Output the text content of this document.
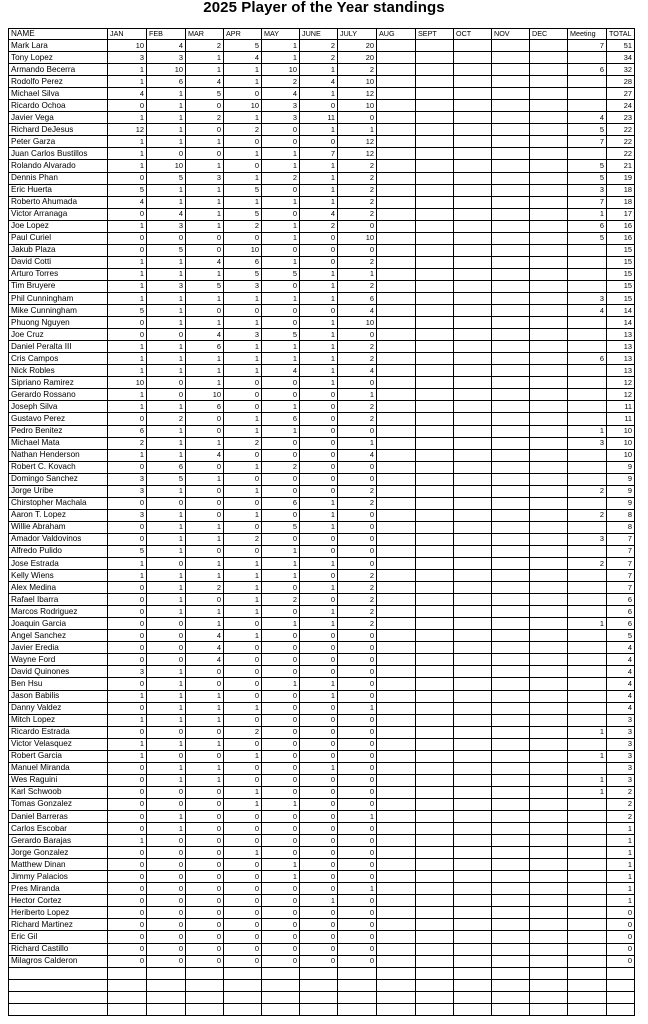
2025 Player of the Year standings
NAME	JAN	FEB	MAR	APR	MAY	JUNE	JULY	AUG	SEPT	OCT	NOV	DEC	Meeting	TOTAL
Mark Lara	10	4	2	5	1	2	20						7	51
Tony Lopez	3	3	1	4	1	2	20							34
Armando Becerra	1	10	1	1	10	1	2						6	32
Rodolfo Perez	1	6	4	1	2	4	10							28
Michael Silva	4	1	5	0	4	1	12							27
Ricardo Ochoa	0	1	0	10	3	0	10							24
Javier Vega	1	1	2	1	3	11	0						4	23
Richard DeJesus	12	1	0	2	0	1	1						5	22
Peter Garza	1	1	1	0	0	0	12						7	22
Juan Carlos Bustillos	1	0	0	1	1	7	12							22
Rolando Alvarado	1	10	1	0	1	1	2						5	21
Dennis Phan	0	5	3	1	2	1	2						5	19
Eric Huerta	5	1	1	5	0	1	2						3	18
Roberto Ahumada	4	1	1	1	1	1	2						7	18
Victor Arranaga	0	4	1	5	0	4	2						1	17
Joe Lopez	1	3	1	2	1	2	0						6	16
Paul Curiel	0	0	0	0	1	0	10						5	16
Jakub Plaza	0	5	0	10	0	0	0							15
David Cotti	1	1	4	6	1	0	2							15
Arturo Torres	1	1	1	5	5	1	1							15
Tim Bruyere	1	3	5	3	0	1	2							15
Phil Cunningham	1	1	1	1	1	1	6						3	15
Mike Cunningham	5	1	0	0	0	0	4						4	14
Phuong Nguyen	0	1	1	1	0	1	10							14
Joe Cruz	0	0	4	3	5	1	0							13
Daniel Peralta III	1	1	6	1	1	1	2							13
Cris Campos	1	1	1	1	1	1	2						6	13
Nick Robles	1	1	1	1	4	1	4							13
Sipriano Ramirez	10	0	1	0	0	1	0							12
Gerardo Rossano	1	0	10	0	0	0	1							12
Joseph Silva	1	1	6	0	1	0	2							11
Gustavo Perez	0	2	0	1	6	0	2							11
Pedro Benitez	6	1	0	1	1	0	0						1	10
Michael Mata	2	1	1	2	0	0	1						3	10
Nathan Henderson	1	1	4	0	0	0	4							10
Robert C. Kovach	0	6	0	1	2	0	0							9
Domingo Sanchez	3	5	1	0	0	0	0							9
Jorge Uribe	3	1	0	1	0	0	2						2	9
Chirstopher Machala	0	0	0	0	6	1	2							9
Aaron T. Lopez	3	1	0	1	0	1	0						2	8
Willie Abraham	0	1	1	0	5	1	0							8
Amador Valdovinos	0	1	1	2	0	0	0						3	7
Alfredo Pulido	5	1	0	0	1	0	0							7
Jose Estrada	1	0	1	1	1	1	0						2	7
Kelly Wiens	1	1	1	1	1	0	2							7
Alex Medina	0	1	2	1	0	1	2							7
Rafael Ibarra	0	1	0	1	2	0	2							6
Marcos Rodriguez	0	1	1	1	0	1	2							6
Joaquin Garcia	0	0	1	0	1	1	2						1	6
Angel Sanchez	0	0	4	1	0	0	0							5
Javier Eredia	0	0	4	0	0	0	0							4
Wayne Ford	0	0	4	0	0	0	0							4
David Quinones	3	1	0	0	0	0	0							4
Ben Hsu	0	1	0	0	1	1	0							4
Jason Babilis	1	1	1	0	0	1	0							4
Danny Valdez	0	1	1	1	0	0	1							4
Mitch Lopez	1	1	1	0	0	0	0							3
Ricardo Estrada	0	0	0	2	0	0	0						1	3
Victor Velasquez	1	1	1	0	0	0	0							3
Robert Garcia	1	0	0	1	0	0	0						1	3
Manuel Miranda	0	1	1	0	0	1	0							3
Wes Raguini	0	1	1	0	0	0	0						1	3
Karl Schwoob	0	0	0	1	0	0	0						1	2
Tomas Gonzalez	0	0	0	1	1	0	0							2
Daniel Barreras	0	1	0	0	0	0	1							2
Carlos Escobar	0	1	0	0	0	0	0							1
Gerardo Barajas	1	0	0	0	0	0	0							1
Jorge Gonzalez	0	0	0	1	0	0	0							1
Matthew Dinan	0	0	0	0	1	0	0							1
Jimmy Palacios	0	0	0	0	1	0	0							1
Pres Miranda	0	0	0	0	0	0	1							1
Hector Cortez	0	0	0	0	0	1	0							1
Heriberto Lopez	0	0	0	0	0	0	0							0
Richard Martinez	0	0	0	0	0	0	0							0
Eric Gil	0	0	0	0	0	0	0							0
Richard Castillo	0	0	0	0	0	0	0							0
Milagros Calderon	0	0	0	0	0	0	0							0
